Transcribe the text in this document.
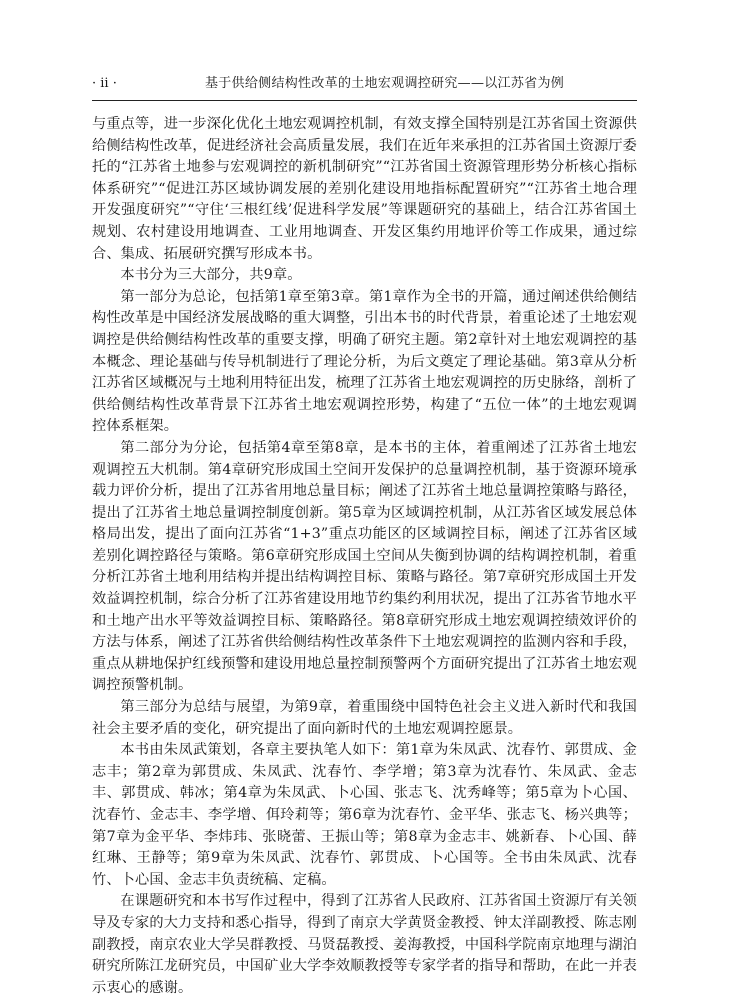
· ii ·	基于供给侧结构性改革的土地宏观调控研究——以江苏省为例

与重点等，进一步深化优化土地宏观调控机制，有效支撑全国特别是江苏省国土资源供给侧结构性改革，促进经济社会高质量发展，我们在近年来承担的江苏省国土资源厅委托的“江苏省土地参与宏观调控的新机制研究”“江苏省国土资源管理形势分析核心指标体系研究”“促进江苏区域协调发展的差别化建设用地指标配置研究”“江苏省土地合理开发强度研究”“守住‘三根红线’促进科学发展”等课题研究的基础上，结合江苏省国土规划、农村建设用地调查、工业用地调查、开发区集约用地评价等工作成果，通过综合、集成、拓展研究撰写形成本书。

本书分为三大部分，共9章。

第一部分为总论，包括第1章至第3章。第1章作为全书的开篇，通过阐述供给侧结构性改革是中国经济发展战略的重大调整，引出本书的时代背景，着重论述了土地宏观调控是供给侧结构性改革的重要支撑，明确了研究主题。第2章针对土地宏观调控的基本概念、理论基础与传导机制进行了理论分析，为后文奠定了理论基础。第3章从分析江苏省区域概况与土地利用特征出发，梳理了江苏省土地宏观调控的历史脉络，剖析了供给侧结构性改革背景下江苏省土地宏观调控形势，构建了“五位一体”的土地宏观调控体系框架。

第二部分为分论，包括第4章至第8章，是本书的主体，着重阐述了江苏省土地宏观调控五大机制。第4章研究形成国土空间开发保护的总量调控机制，基于资源环境承载力评价分析，提出了江苏省用地总量目标；阐述了江苏省土地总量调控策略与路径，提出了江苏省土地总量调控制度创新。第5章为区域调控机制，从江苏省区域发展总体格局出发，提出了面向江苏省“1+3”重点功能区的区域调控目标，阐述了江苏省区域差别化调控路径与策略。第6章研究形成国土空间从失衡到协调的结构调控机制，着重分析江苏省土地利用结构并提出结构调控目标、策略与路径。第7章研究形成国土开发效益调控机制，综合分析了江苏省建设用地节约集约利用状况，提出了江苏省节地水平和土地产出水平等效益调控目标、策略路径。第8章研究形成土地宏观调控绩效评价的方法与体系，阐述了江苏省供给侧结构性改革条件下土地宏观调控的监测内容和手段，重点从耕地保护红线预警和建设用地总量控制预警两个方面研究提出了江苏省土地宏观调控预警机制。

第三部分为总结与展望，为第9章，着重围绕中国特色社会主义进入新时代和我国社会主要矛盾的变化，研究提出了面向新时代的土地宏观调控愿景。

本书由朱凤武策划，各章主要执笔人如下：第1章为朱凤武、沈春竹、郭贯成、金志丰；第2章为郭贯成、朱凤武、沈春竹、李学增；第3章为沈春竹、朱凤武、金志丰、郭贯成、韩冰；第4章为朱凤武、卜心国、张志飞、沈秀峰等；第5章为卜心国、沈春竹、金志丰、李学增、佴玲莉等；第6章为沈春竹、金平华、张志飞、杨兴典等；第7章为金平华、李炜玮、张晓蕾、王振山等；第8章为金志丰、姚新春、卜心国、薛红琳、王静等；第9章为朱凤武、沈春竹、郭贯成、卜心国等。全书由朱凤武、沈春竹、卜心国、金志丰负责统稿、定稿。

在课题研究和本书写作过程中，得到了江苏省人民政府、江苏省国土资源厅有关领导及专家的大力支持和悉心指导，得到了南京大学黄贤金教授、钟太洋副教授、陈志刚副教授，南京农业大学吴群教授、马贤磊教授、姜海教授，中国科学院南京地理与湖泊研究所陈江龙研究员，中国矿业大学李效顺教授等专家学者的指导和帮助，在此一并表示衷心的感谢。
